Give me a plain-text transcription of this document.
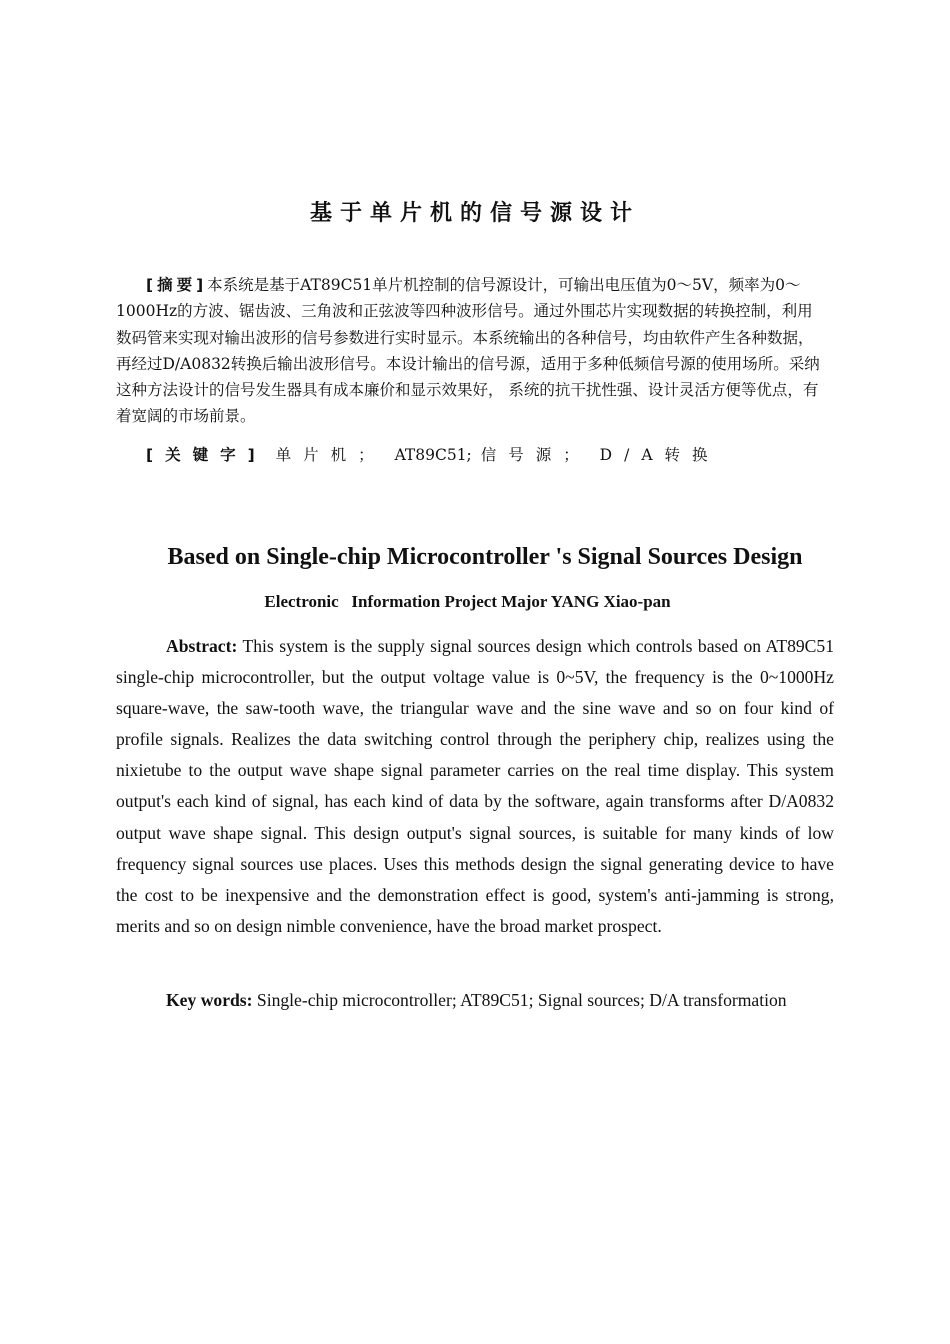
基于单片机的信号源设计

[摘要]本系统是基于AT89C51单片机控制的信号源设计，可输出电压值为0～5V，频率为0～1000Hz的方波、锯齿波、三角波和正弦波等四种波形信号。通过外围芯片实现数据的转换控制，利用数码管来实现对输出波形的信号参数进行实时显示。本系统输出的各种信号，均由软件产生各种数据，再经过D/A0832转换后输出波形信号。本设计输出的信号源，适用于多种低频信号源的使用场所。采纳这种方法设计的信号发生器具有成本廉价和显示效果好， 系统的抗干扰性强、设计灵活方便等优点，有着宽阔的市场前景。

[关键字] 单片机； AT89C51; 信号源； D/A转换
Based on Single-chip Microcontroller 's Signal Sources Design
Electronic   Information Project Major YANG Xiao-pan

Abstract: This system is the supply signal sources design which controls based on AT89C51 single-chip microcontroller, but the output voltage value is 0~5V, the frequency is the 0~1000Hz square-wave, the saw-tooth wave, the triangular wave and the sine wave and so on four kind of profile signals. Realizes the data switching control through the periphery chip, realizes using the nixietube to the output wave shape signal parameter carries on the real time display. This system output's each kind of signal, has each kind of data by the software, again transforms after D/A0832 output wave shape signal. This design output's signal sources, is suitable for many kinds of low frequency signal sources use places. Uses this methods design the signal generating device to have the cost to be inexpensive and the demonstration effect is good, system's anti-jamming is strong, merits and so on design nimble convenience, have the broad market prospect.

Key words: Single-chip microcontroller; AT89C51; Signal sources; D/A transformation
